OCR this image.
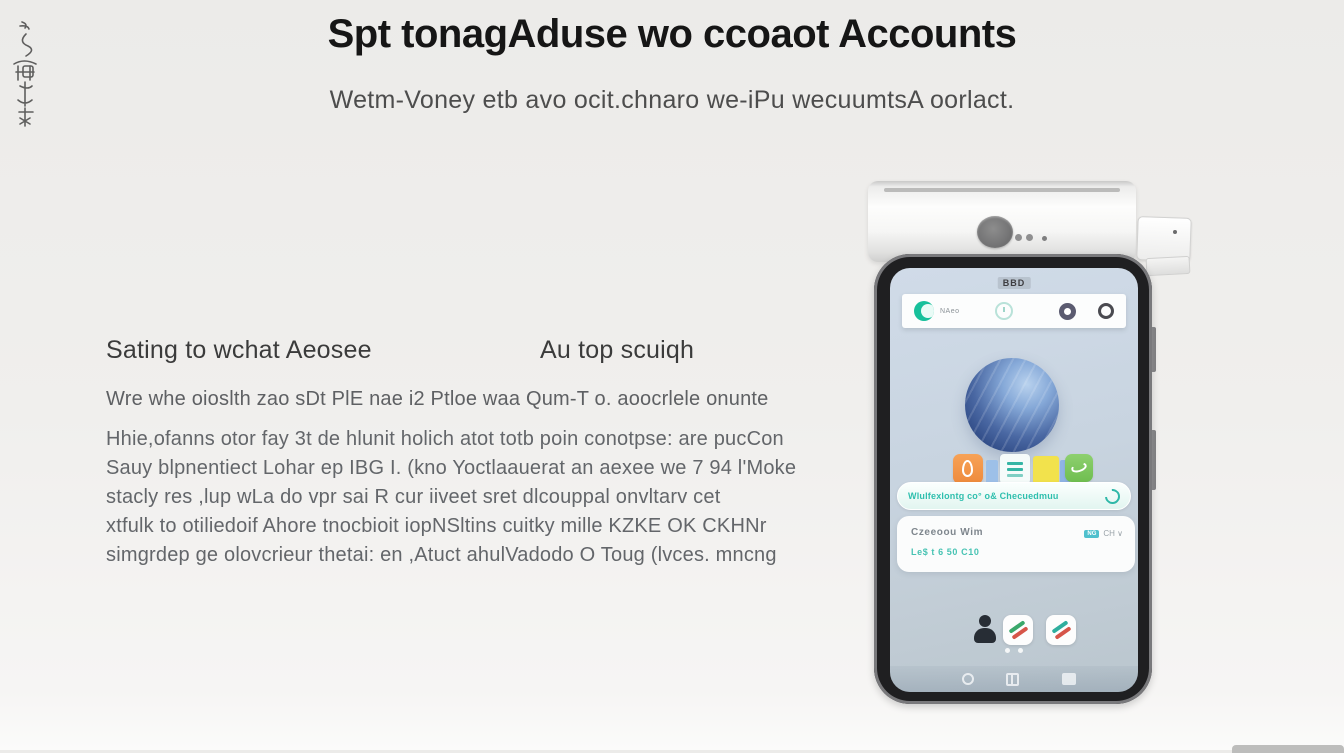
Spt tonagAduse wo ccoaot Accounts
Wetm-Voney etb avo ocit.chnaro we-iPu wecuumtsA oorlact.
Sating to wchat Aeosee	Au top scuiqh
Wre whe oioslth zao sDt PlE nae i2 Ptloe waa Qum-T o. aoocrlele onunte
Hhie,ofanns otor fay 3t de hlunit holich atot totb poin conotpse: are pucCon
Sauy blpnentiect Lohar ep IBG I. (kno Yoctlaauerat an aexee we 7 94 l'Moke
stacly res ,lup wLa do vpr sai R cur iiveet sret dlcouppal onvltarv cet
xtfulk to otiliedoif Ahore tnocbioit iopNSltins cuitky mille KZKE OK CKHNr
simgrdep ge olovcrieur thetai: en ,Atuct ahulVadodo O Toug (lvces. mncng
BBD
NAeo
Wlulfexlontg co° o& Checuedmuu
Czeeoou Wim
Le$ t 6 50 C10
NG CH ∨
